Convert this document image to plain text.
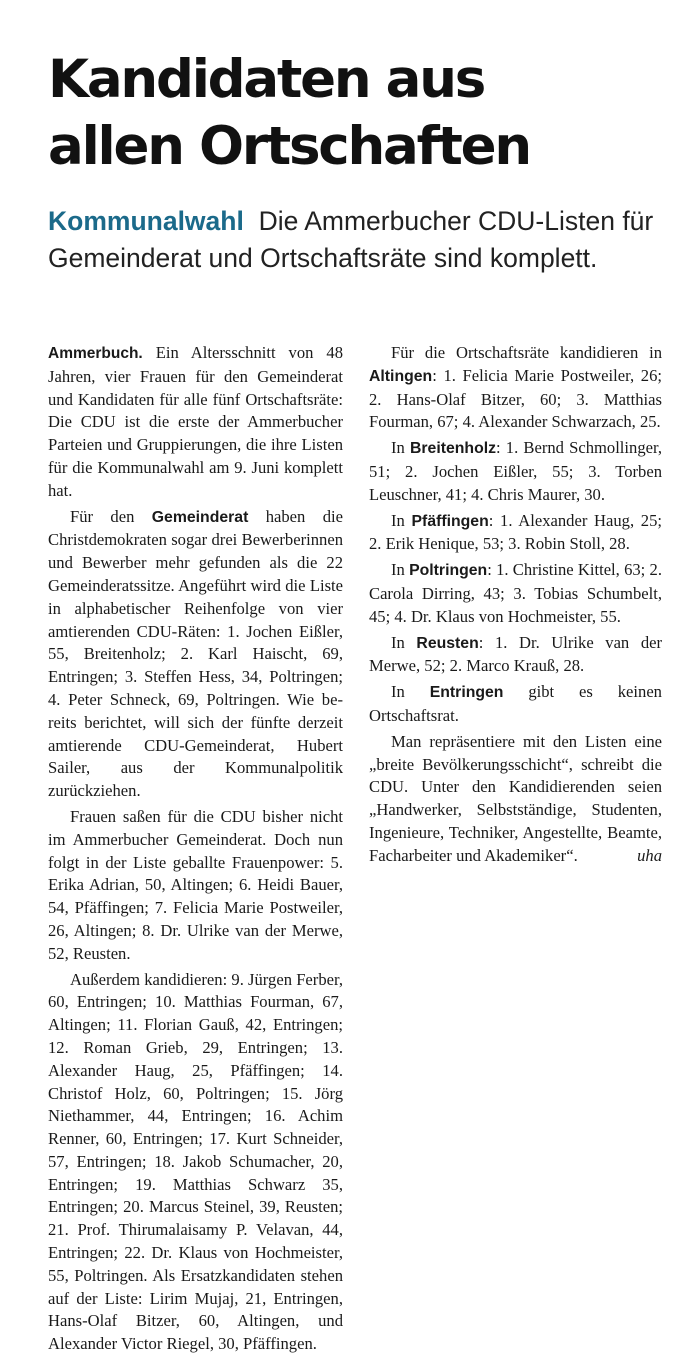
Kandidaten aus
allen Ortschaften

Kommunalwahl Die Ammerbucher CDU-Listen für Gemeinderat und Ortschaftsräte sind komplett.

Ammerbuch. Ein Altersschnitt von 48 Jahren, vier Frauen für den Gemeinderat und Kandidaten für alle fünf Ortschaftsräte: Die CDU ist die erste der Ammerbucher Parteien und Gruppierungen, die ihre Listen für die Kommunalwahl am 9. Juni komplett hat.

Für den Gemeinderat haben die Christdemokraten sogar drei Bewerberinnen und Bewerber mehr gefunden als die 22 Gemeinderatssitze. Angeführt wird die Liste in alphabetischer Reihenfolge von vier amtierenden CDU-Räten: 1. Jochen Eißler, 55, Breitenholz; 2. Karl Haischt, 69, Entringen; 3. Steffen Hess, 34, Poltringen; 4. Peter Schneck, 69, Poltringen. Wie bereits berichtet, will sich der fünfte derzeit amtierende CDU-Gemeinderat, Hubert Sailer, aus der Kommunalpolitik zurückziehen.

Frauen saßen für die CDU bisher nicht im Ammerbucher Gemeinderat. Doch nun folgt in der Liste geballte Frauenpower: 5. Erika Adrian, 50, Altingen; 6. Heidi Bauer, 54, Pfäffingen; 7. Felicia Marie Postweiler, 26, Altingen; 8. Dr. Ulrike van der Merwe, 52, Reusten.

Außerdem kandidieren: 9. Jürgen Ferber, 60, Entringen; 10. Matthias Fourman, 67, Altingen; 11. Florian Gauß, 42, Entringen; 12. Roman Grieb, 29, Entringen; 13. Alexander Haug, 25, Pfäffingen; 14. Christof Holz, 60, Poltringen; 15. Jörg Niethammer, 44, Entringen; 16. Achim Renner, 60, Entringen; 17. Kurt Schneider, 57, Entringen; 18. Jakob Schumacher, 20, Entringen; 19. Matthias Schwarz 35, Entringen; 20. Marcus Steinel, 39, Reusten; 21. Prof. Thirumalaisamy P. Velavan, 44, Entringen; 22. Dr. Klaus von Hochmeister, 55, Poltringen. Als Ersatzkandidaten stehen auf der Liste: Lirim Mujaj, 21, Entringen, Hans-Olaf Bitzer, 60, Altingen, und Alexander Victor Riegel, 30, Pfäffingen.

Für die Ortschaftsräte kandidieren in Altingen: 1. Felicia Marie Postweiler, 26; 2. Hans-Olaf Bitzer, 60; 3. Matthias Fourman, 67; 4. Alexander Schwarzach, 25.

In Breitenholz: 1. Bernd Schmollinger, 51; 2. Jochen Eißler, 55; 3. Torben Leuschner, 41; 4. Chris Maurer, 30.

In Pfäffingen: 1. Alexander Haug, 25; 2. Erik Henique, 53; 3. Robin Stoll, 28.

In Poltringen: 1. Christine Kittel, 63; 2. Carola Dirring, 43; 3. Tobias Schumbelt, 45; 4. Dr. Klaus von Hochmeister, 55.

In Reusten: 1. Dr. Ulrike van der Merwe, 52; 2. Marco Krauß, 28.

In Entringen gibt es keinen Ortschaftsrat.

Man repräsentiere mit den Listen eine „breite Bevölkerungsschicht“, schreibt die CDU. Unter den Kandidierenden seien „Handwerker, Selbstständige, Studenten, Ingenieure, Techniker, Angestellte, Beamte, Facharbeiter und Akademiker“.	uha
